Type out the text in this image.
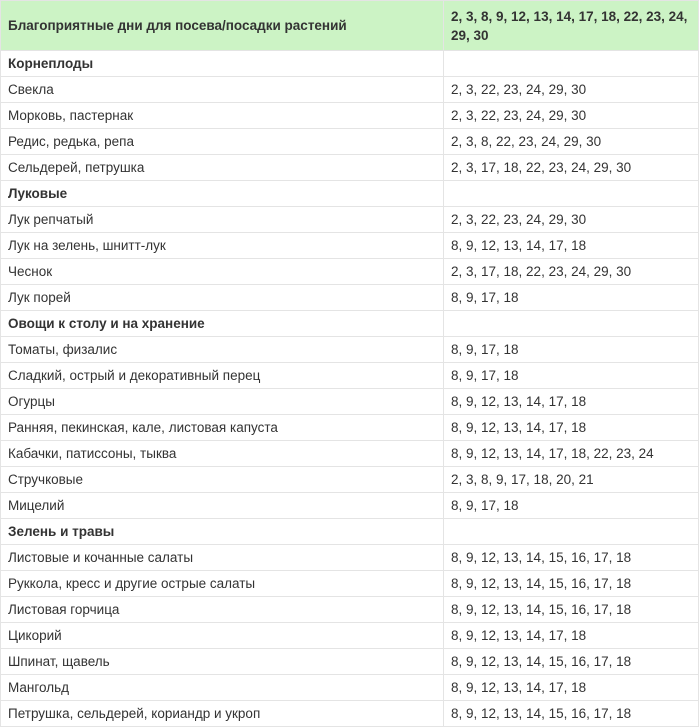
Благоприятные дни для посева/посадки растений	2, 3, 8, 9, 12, 13, 14, 17, 18, 22, 23, 24, 29, 30
Корнеплоды	
Свекла	2, 3, 22, 23, 24, 29, 30
Морковь, пастернак	2, 3, 22, 23, 24, 29, 30
Редис, редька, репа	2, 3, 8, 22, 23, 24, 29, 30
Сельдерей, петрушка	2, 3, 17, 18, 22, 23, 24, 29, 30
Луковые	
Лук репчатый	2, 3, 22, 23, 24, 29, 30
Лук на зелень, шнитт-лук	8, 9, 12, 13, 14, 17, 18
Чеснок	2, 3, 17, 18, 22, 23, 24, 29, 30
Лук порей	8, 9, 17, 18
Овощи к столу и на хранение	
Томаты, физалис	8, 9, 17, 18
Сладкий, острый и декоративный перец	8, 9, 17, 18
Огурцы	8, 9, 12, 13, 14, 17, 18
Ранняя, пекинская, кале, листовая капуста	8, 9, 12, 13, 14, 17, 18
Кабачки, патиссоны, тыква	8, 9, 12, 13, 14, 17, 18, 22, 23, 24
Стручковые	2, 3, 8, 9, 17, 18, 20, 21
Мицелий	8, 9, 17, 18
Зелень и травы	
Листовые и кочанные салаты	8, 9, 12, 13, 14, 15, 16, 17, 18
Руккола, кресс и другие острые салаты	8, 9, 12, 13, 14, 15, 16, 17, 18
Листовая горчица	8, 9, 12, 13, 14, 15, 16, 17, 18
Цикорий	8, 9, 12, 13, 14, 17, 18
Шпинат, щавель	8, 9, 12, 13, 14, 15, 16, 17, 18
Мангольд	8, 9, 12, 13, 14, 17, 18
Петрушка, сельдерей, кориандр и укроп	8, 9, 12, 13, 14, 15, 16, 17, 18
